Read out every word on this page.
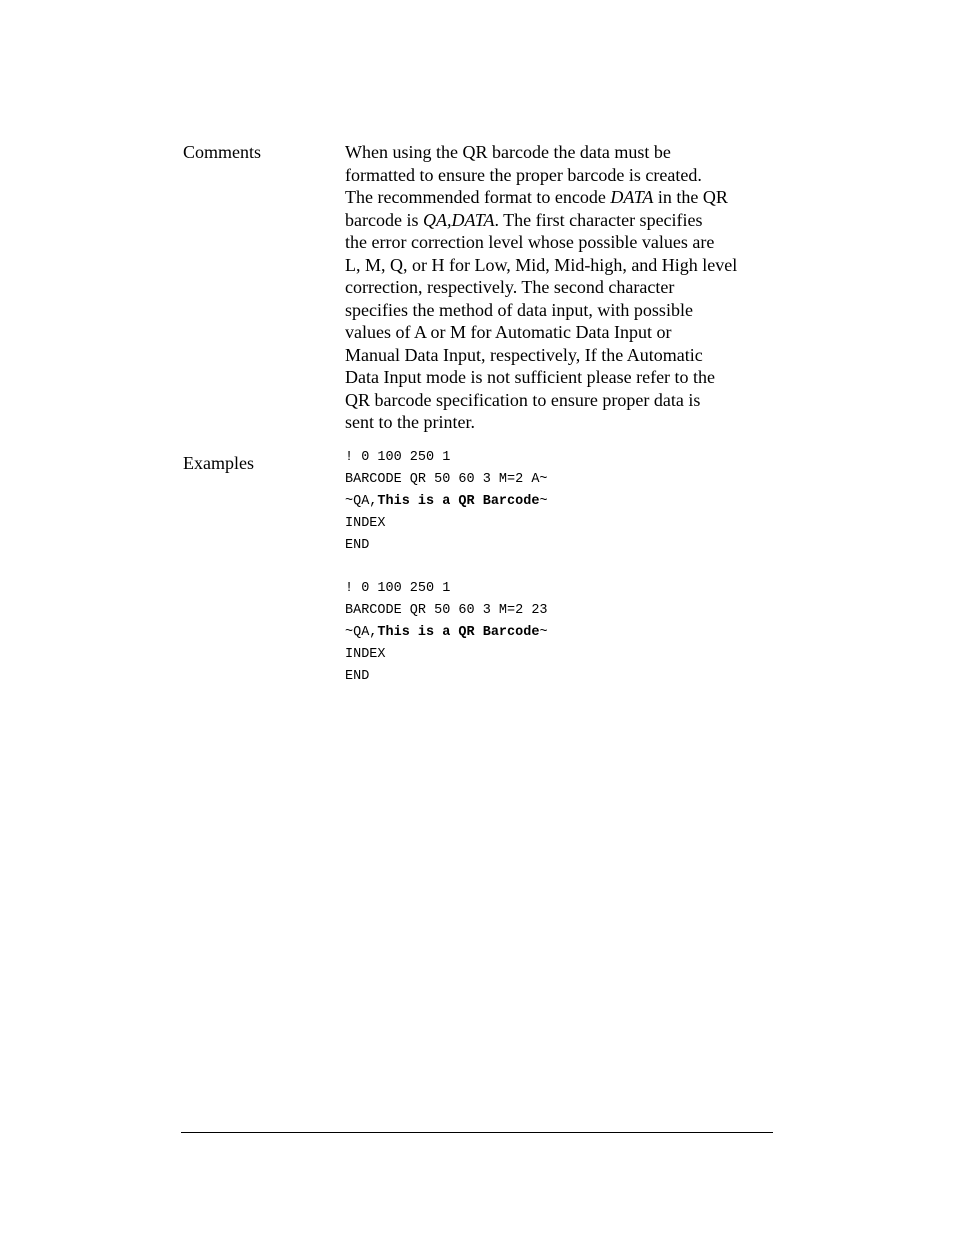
Comments	When using the QR barcode the data must be
formatted to ensure the proper barcode is created.
The recommended format to encode DATA in the QR
barcode is QA,DATA. The first character specifies
the error correction level whose possible values are
L, M, Q, or H for Low, Mid, Mid-high, and High level
correction, respectively. The second character
specifies the method of data input, with possible
values of A or M for Automatic Data Input or
Manual Data Input, respectively, If the Automatic
Data Input mode is not sufficient please refer to the
QR barcode specification to ensure proper data is
sent to the printer.

Examples	! 0 100 250 1
BARCODE QR 50 60 3 M=2 A~
~QA,This is a QR Barcode~
INDEX
END
! 0 100 250 1
BARCODE QR 50 60 3 M=2 23
~QA,This is a QR Barcode~
INDEX
END
